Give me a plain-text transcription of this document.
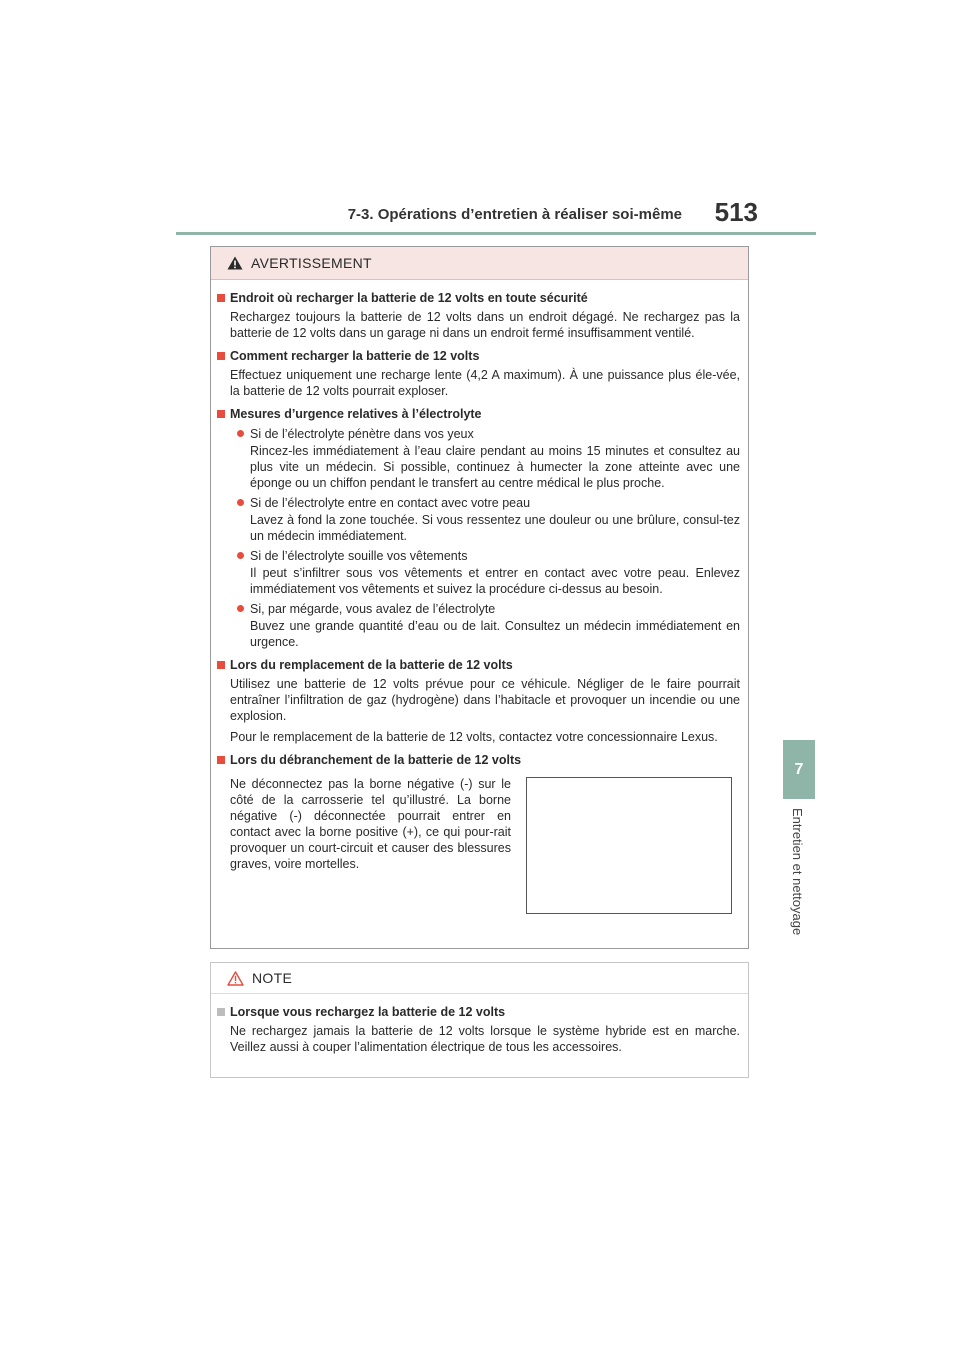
7-3. Opérations d’entretien à réaliser soi-même 513
7
Entretien et nettoyage
AVERTISSEMENT
Endroit où recharger la batterie de 12 volts en toute sécurité
Rechargez toujours la batterie de 12 volts dans un endroit dégagé. Ne rechargez pas la batterie de 12 volts dans un garage ni dans un endroit fermé insuffisamment ventilé.
Comment recharger la batterie de 12 volts
Effectuez uniquement une recharge lente (4,2 A maximum). À une puissance plus éle-vée, la batterie de 12 volts pourrait exploser.
Mesures d’urgence relatives à l’électrolyte
Si de l’électrolyte pénètre dans vos yeux
Rincez-les immédiatement à l’eau claire pendant au moins 15 minutes et consultez au plus vite un médecin. Si possible, continuez à humecter la zone atteinte avec une éponge ou un chiffon pendant le transfert au centre médical le plus proche.
Si de l’électrolyte entre en contact avec votre peau
Lavez à fond la zone touchée. Si vous ressentez une douleur ou une brûlure, consul-tez un médecin immédiatement.
Si de l’électrolyte souille vos vêtements
Il peut s’infiltrer sous vos vêtements et entrer en contact avec votre peau. Enlevez immédiatement vos vêtements et suivez la procédure ci-dessus au besoin.
Si, par mégarde, vous avalez de l’électrolyte
Buvez une grande quantité d’eau ou de lait. Consultez un médecin immédiatement en urgence.
Lors du remplacement de la batterie de 12 volts
Utilisez une batterie de 12 volts prévue pour ce véhicule. Négliger de le faire pourrait entraîner l’infiltration de gaz (hydrogène) dans l’habitacle et provoquer un incendie ou une explosion.
Pour le remplacement de la batterie de 12 volts, contactez votre concessionnaire Lexus.
Lors du débranchement de la batterie de 12 volts
Ne déconnectez pas la borne négative (-) sur le côté de la carrosserie tel qu’illustré. La borne négative (-) déconnectée pourrait entrer en contact avec la borne positive (+), ce qui pour-rait provoquer un court-circuit et causer des blessures graves, voire mortelles.
NOTE
Lorsque vous rechargez la batterie de 12 volts
Ne rechargez jamais la batterie de 12 volts lorsque le système hybride est en marche. Veillez aussi à couper l’alimentation électrique de tous les accessoires.
